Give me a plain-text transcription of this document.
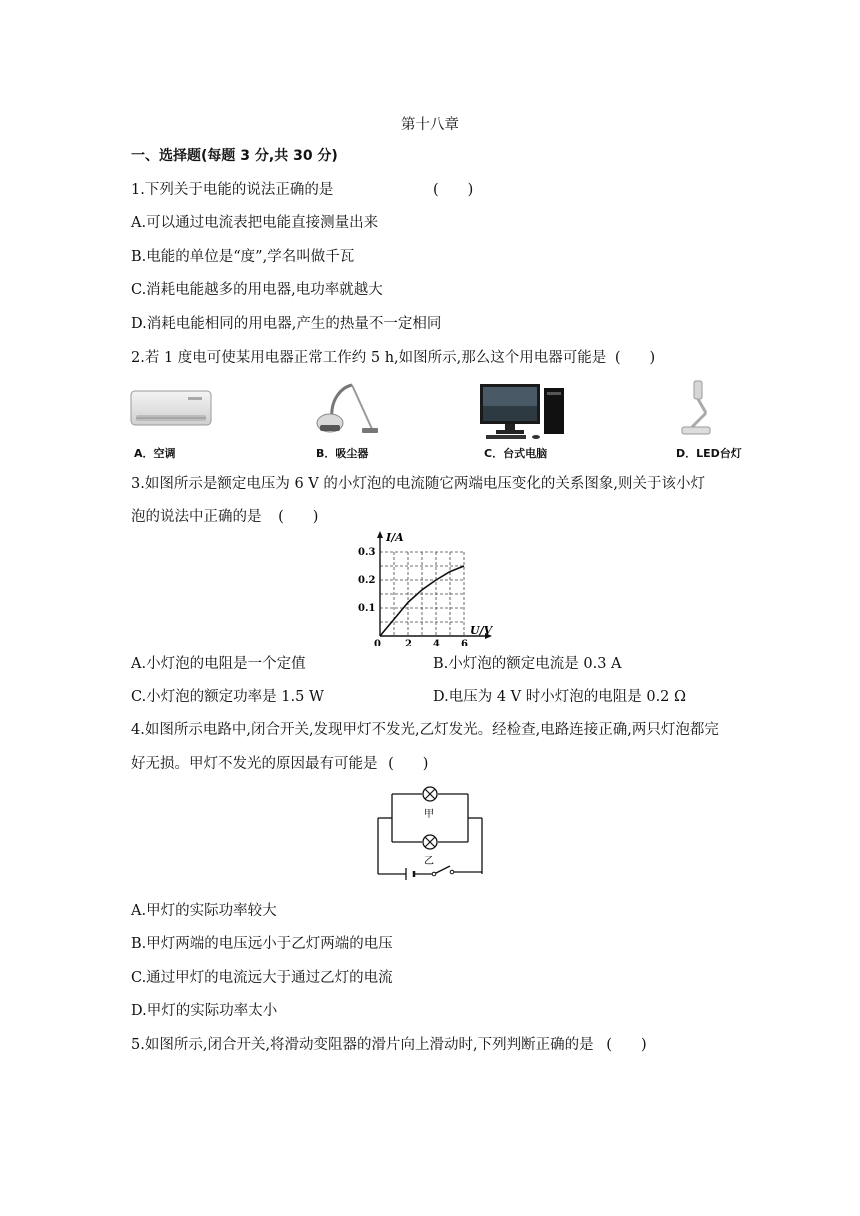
第十八章
一、选择题(每题 3 分,共 30 分)
1.下列关于电能的说法正确的是	(　　)
A.可以通过电流表把电能直接测量出来
B.电能的单位是“度”,学名叫做千瓦
C.消耗电能越多的用电器,电功率就越大
D.消耗电能相同的用电器,产生的热量不一定相同
2.若 1 度电可使某用电器正常工作约 5 h,如图所示,那么这个用电器可能是 (　　)
A．空调	B．吸尘器	C．台式电脑	D．LED台灯
3.如图所示是额定电压为 6 V 的小灯泡的电流随它两端电压变化的关系图象,则关于该小灯
泡的说法中正确的是 (　　)
I/A
U/V
0 2 4 6
0.1
0.2
0.3
A.小灯泡的电阻是一个定值	B.小灯泡的额定电流是 0.3 A
C.小灯泡的额定功率是 1.5 W	D.电压为 4 V 时小灯泡的电阻是 0.2 Ω
4.如图所示电路中,闭合开关,发现甲灯不发光,乙灯发光。经检查,电路连接正确,两只灯泡都完
好无损。甲灯不发光的原因最有可能是 (　　)
甲
乙
A.甲灯的实际功率较大
B.甲灯两端的电压远小于乙灯两端的电压
C.通过甲灯的电流远大于通过乙灯的电流
D.甲灯的实际功率太小
5.如图所示,闭合开关,将滑动变阻器的滑片向上滑动时,下列判断正确的是 (　　)
